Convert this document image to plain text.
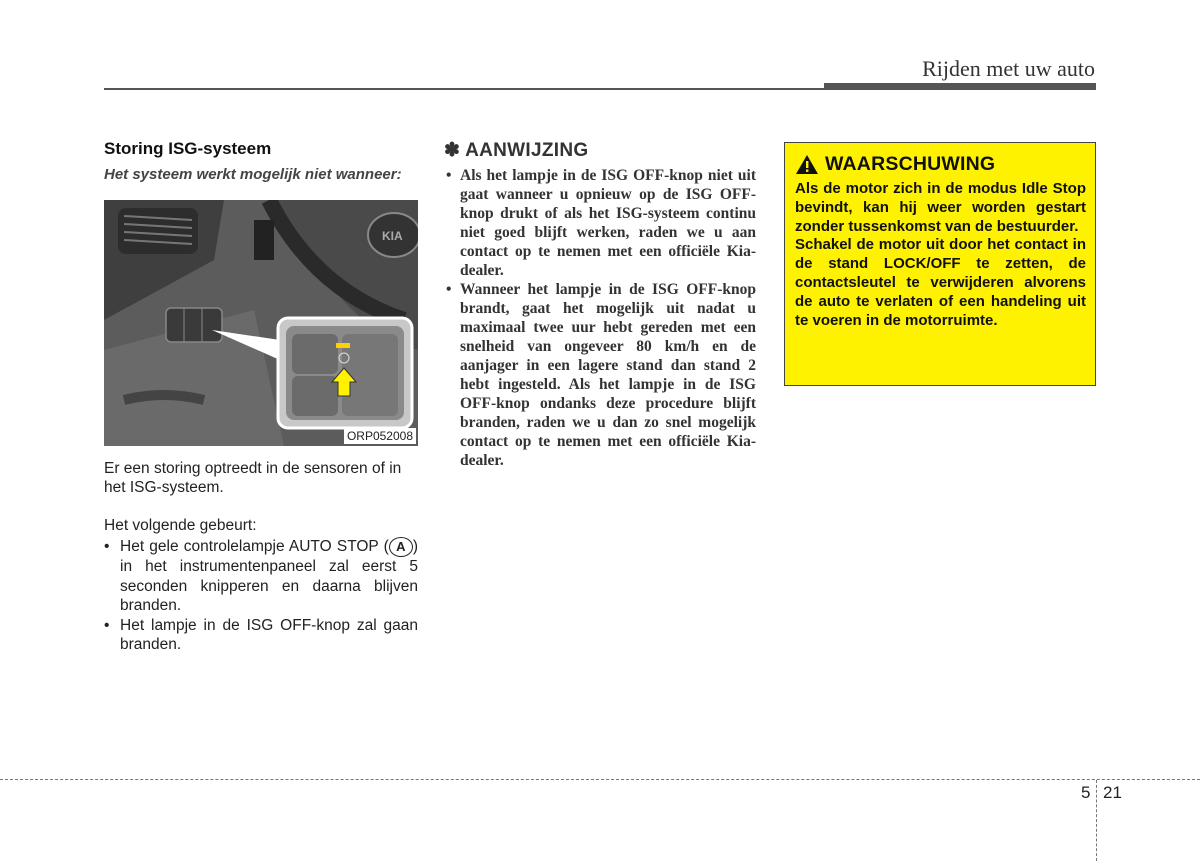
Rijden met uw auto
Storing ISG-systeem
Het systeem werkt mogelijk niet wanneer:
KIA
ORP052008
Er een storing optreedt in de sensoren of in het ISG-systeem.
Het volgende gebeurt:
• Het gele controlelampje AUTO STOP ( A ) in het instrumentenpaneel zal eerst 5 seconden knipperen en daarna blijven branden.
• Het lampje in de ISG OFF-knop zal gaan branden.
✽ AANWIJZING
• Als het lampje in de ISG OFF-knop niet uit gaat wanneer u opnieuw op de ISG OFF-knop drukt of als het ISG-systeem continu niet goed blijft werken, raden we u aan contact op te nemen met een officiële Kia-dealer.
• Wanneer het lampje in de ISG OFF-knop brandt, gaat het mogelijk uit nadat u maximaal twee uur hebt gereden met een snelheid van ongeveer 80 km/h en de aanjager in een lagere stand dan stand 2 hebt ingesteld. Als het lampje in de ISG OFF-knop ondanks deze procedure blijft branden, raden we u dan zo snel mogelijk contact op te nemen met een officiële Kia-dealer.
WAARSCHUWING

Als de motor zich in de modus Idle Stop bevindt, kan hij weer worden gestart zonder tussenkomst van de bestuurder.

Schakel de motor uit door het contact in de stand LOCK/OFF te zetten, de contactsleutel te verwijderen alvorens de auto te verlaten of een handeling uit te voeren in de motorruimte.

5 21
